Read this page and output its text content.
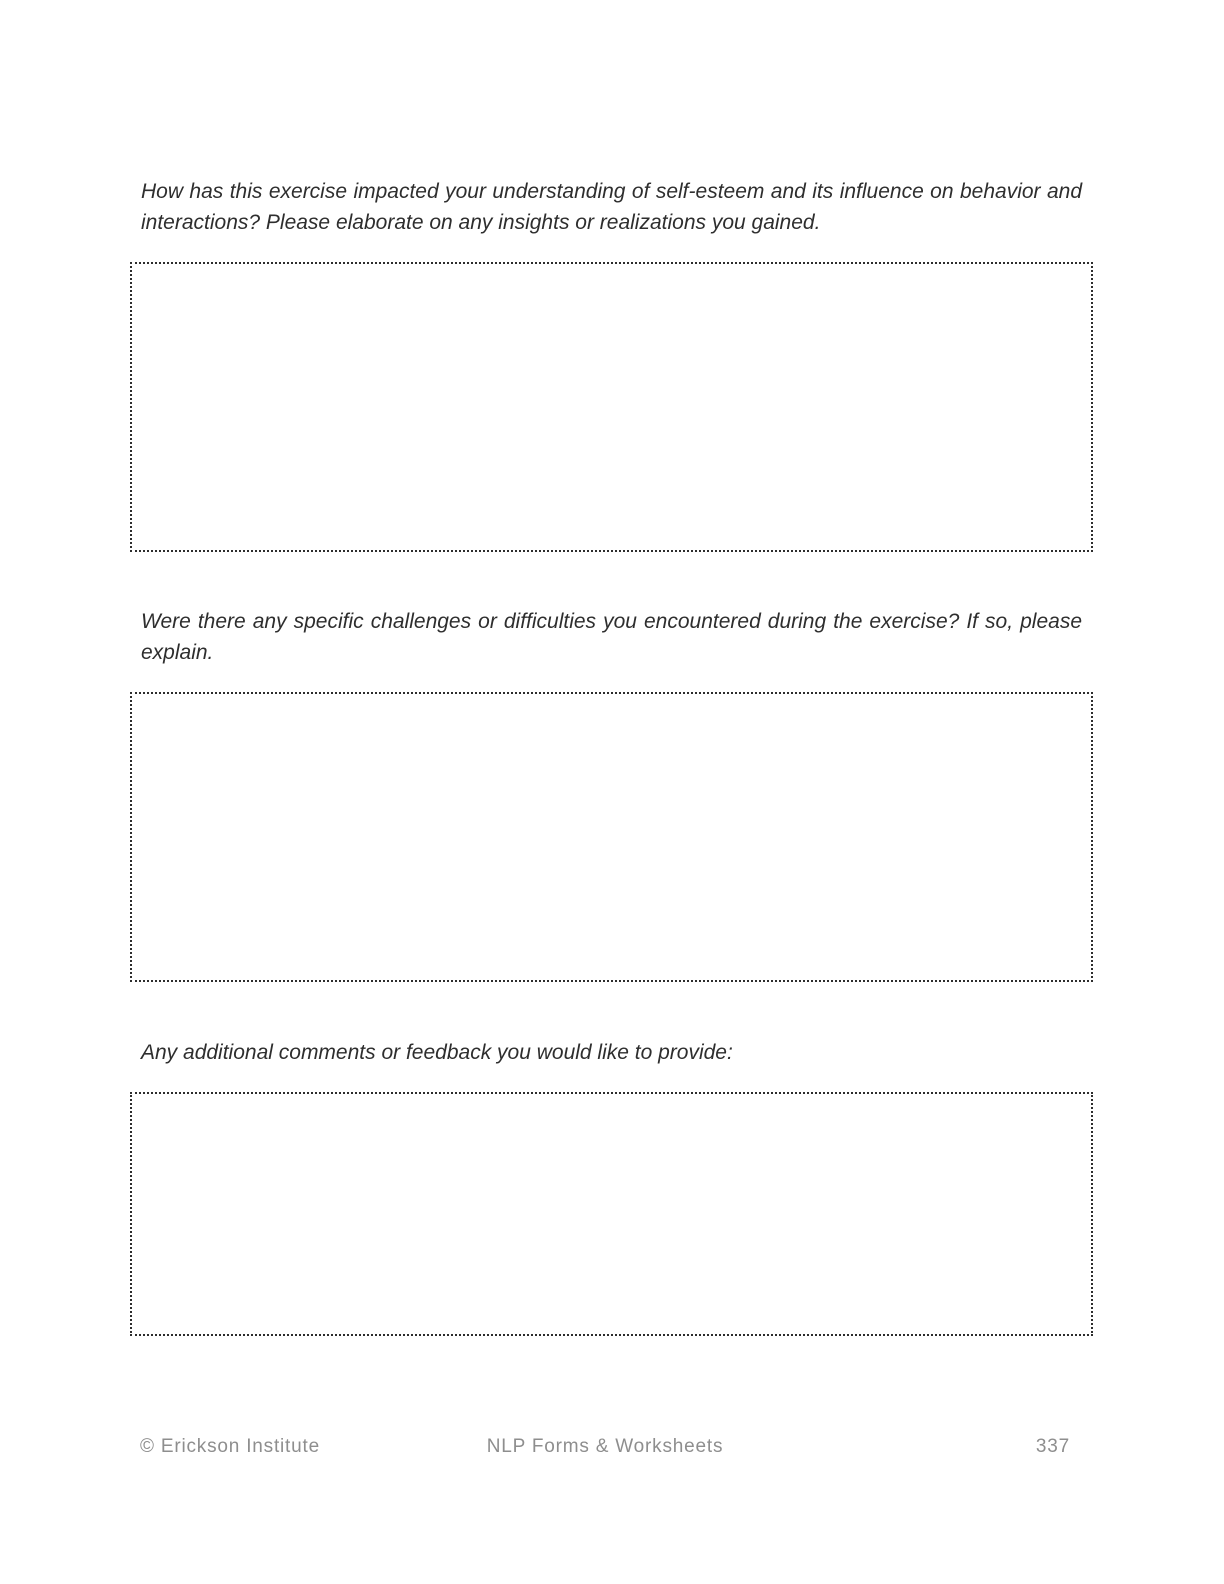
How has this exercise impacted your understanding of self-esteem and its influence on behavior and interactions? Please elaborate on any insights or realizations you gained.

Were there any specific challenges or difficulties you encountered during the exercise? If so, please explain.

Any additional comments or feedback you would like to provide:

© Erickson Institute	NLP Forms & Worksheets	337
